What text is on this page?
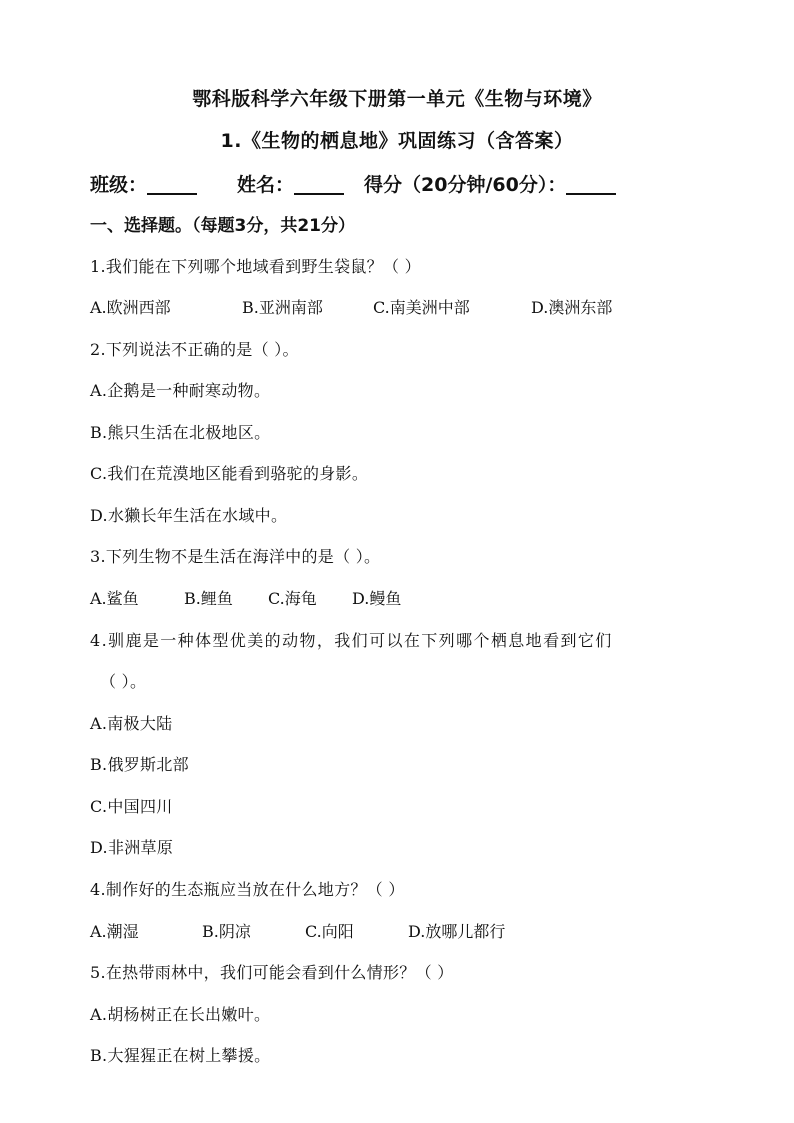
鄂科版科学六年级下册第一单元《生物与环境》
1.《生物的栖息地》巩固练习（含答案）
班级：	姓名：	得分（20分钟/60分）：
一、选择题。（每题3分，共21分）
1.我们能在下列哪个地域看到野生袋鼠？（ ）
A.欧洲西部	B.亚洲南部	C.南美洲中部	D.澳洲东部
2.下列说法不正确的是（ ）。
A.企鹅是一种耐寒动物。
B.熊只生活在北极地区。
C.我们在荒漠地区能看到骆驼的身影。
D.水獭长年生活在水域中。
3.下列生物不是生活在海洋中的是（ ）。
A.鲨鱼	B.鲤鱼 C.海龟 D.鳗鱼
4.驯鹿是一种体型优美的动物，我们可以在下列哪个栖息地看到它们
（ ）。
A.南极大陆
B.俄罗斯北部
C.中国四川
D.非洲草原
4.制作好的生态瓶应当放在什么地方？（ ）
A.潮湿	B.阴凉	C.向阳	D.放哪儿都行
5.在热带雨林中，我们可能会看到什么情形？（ ）
A.胡杨树正在长出嫩叶。
B.大猩猩正在树上攀援。
